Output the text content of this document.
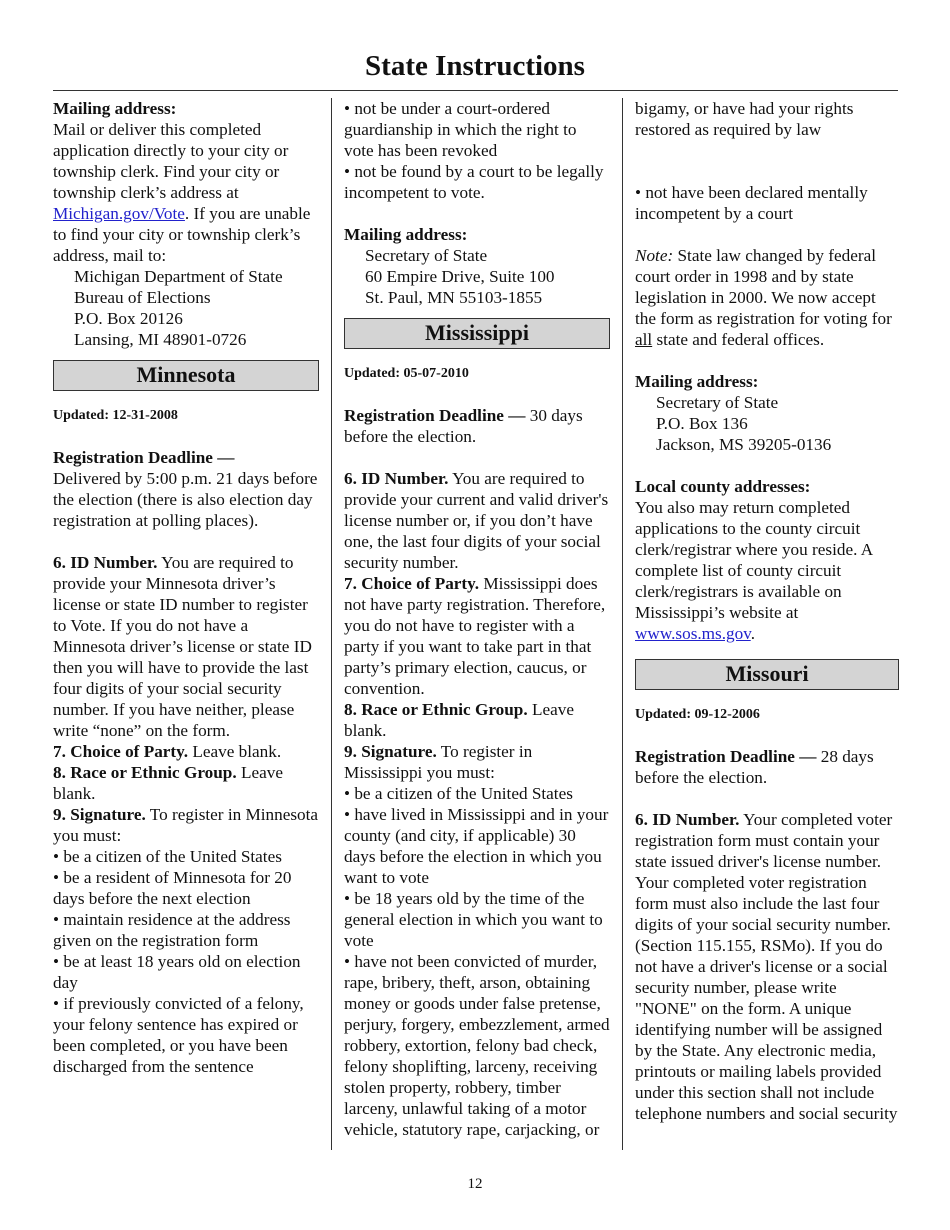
State Instructions
Mailing address:
Mail or deliver this completed application directly to your city or township clerk. Find your city or township clerk’s address at Michigan.gov/Vote. If you are unable to find your city or township clerk’s address, mail to:
Michigan Department of State
Bureau of Elections
P.O. Box 20126
Lansing, MI 48901-0726
Minnesota
Updated: 12-31-2008
Registration Deadline —
Delivered by 5:00 p.m. 21 days before the election (there is also election day registration at polling places).
6. ID Number. You are required to provide your Minnesota driver’s license or state ID number to register to Vote. If you do not have a Minnesota driver’s license or state ID then you will have to provide the last four digits of your social security number. If you have neither, please write “none” on the form.
7. Choice of Party. Leave blank.
8. Race or Ethnic Group. Leave blank.
9. Signature. To register in Minnesota you must:
• be a citizen of the United States
• be a resident of Minnesota for 20 days before the next election
• maintain residence at the address given on the registration form
• be at least 18 years old on election day
• if previously convicted of a felony, your felony sentence has expired or been completed, or you have been discharged from the sentence
• not be under a court-ordered guardianship in which the right to vote has been revoked
• not be found by a court to be legally incompetent to vote.
Mailing address:
Secretary of State
60 Empire Drive, Suite 100
St. Paul, MN 55103-1855
Mississippi
Updated: 05-07-2010
Registration Deadline — 30 days before the election.
6. ID Number. You are required to provide your current and valid driver's license number or, if you don’t have one, the last four digits of your social security number.
7. Choice of Party. Mississippi does not have party registration. Therefore, you do not have to register with a party if you want to take part in that party’s primary election, caucus, or convention.
8. Race or Ethnic Group. Leave blank.
9. Signature. To register in Mississippi you must:
• be a citizen of the United States
• have lived in Mississippi and in your county (and city, if applicable) 30 days before the election in which you want to vote
• be 18 years old by the time of the general election in which you want to vote
• have not been convicted of murder, rape, bribery, theft, arson, obtaining money or goods under false pretense, perjury, forgery, embezzlement, armed robbery, extortion, felony bad check, felony shoplifting, larceny, receiving stolen property, robbery, timber larceny, unlawful taking of a motor vehicle, statutory rape, carjacking, or
bigamy, or have had your rights restored as required by law
• not have been declared mentally incompetent by a court
Note: State law changed by federal court order in 1998 and by state legislation in 2000. We now accept the form as registration for voting for all state and federal offices.
Mailing address:
Secretary of State
P.O. Box 136
Jackson, MS 39205-0136
Local county addresses:
You also may return completed applications to the county circuit clerk/registrar where you reside. A complete list of county circuit clerk/registrars is available on Mississippi’s website at www.sos.ms.gov.
Missouri
Updated: 09-12-2006
Registration Deadline — 28 days before the election.
6. ID Number. Your completed voter registration form must contain your state issued driver's license number. Your completed voter registration form must also include the last four digits of your social security number. (Section 115.155, RSMo). If you do not have a driver's license or a social security number, please write "NONE" on the form. A unique identifying number will be assigned by the State. Any electronic media, printouts or mailing labels provided under this section shall not include telephone numbers and social security
12
